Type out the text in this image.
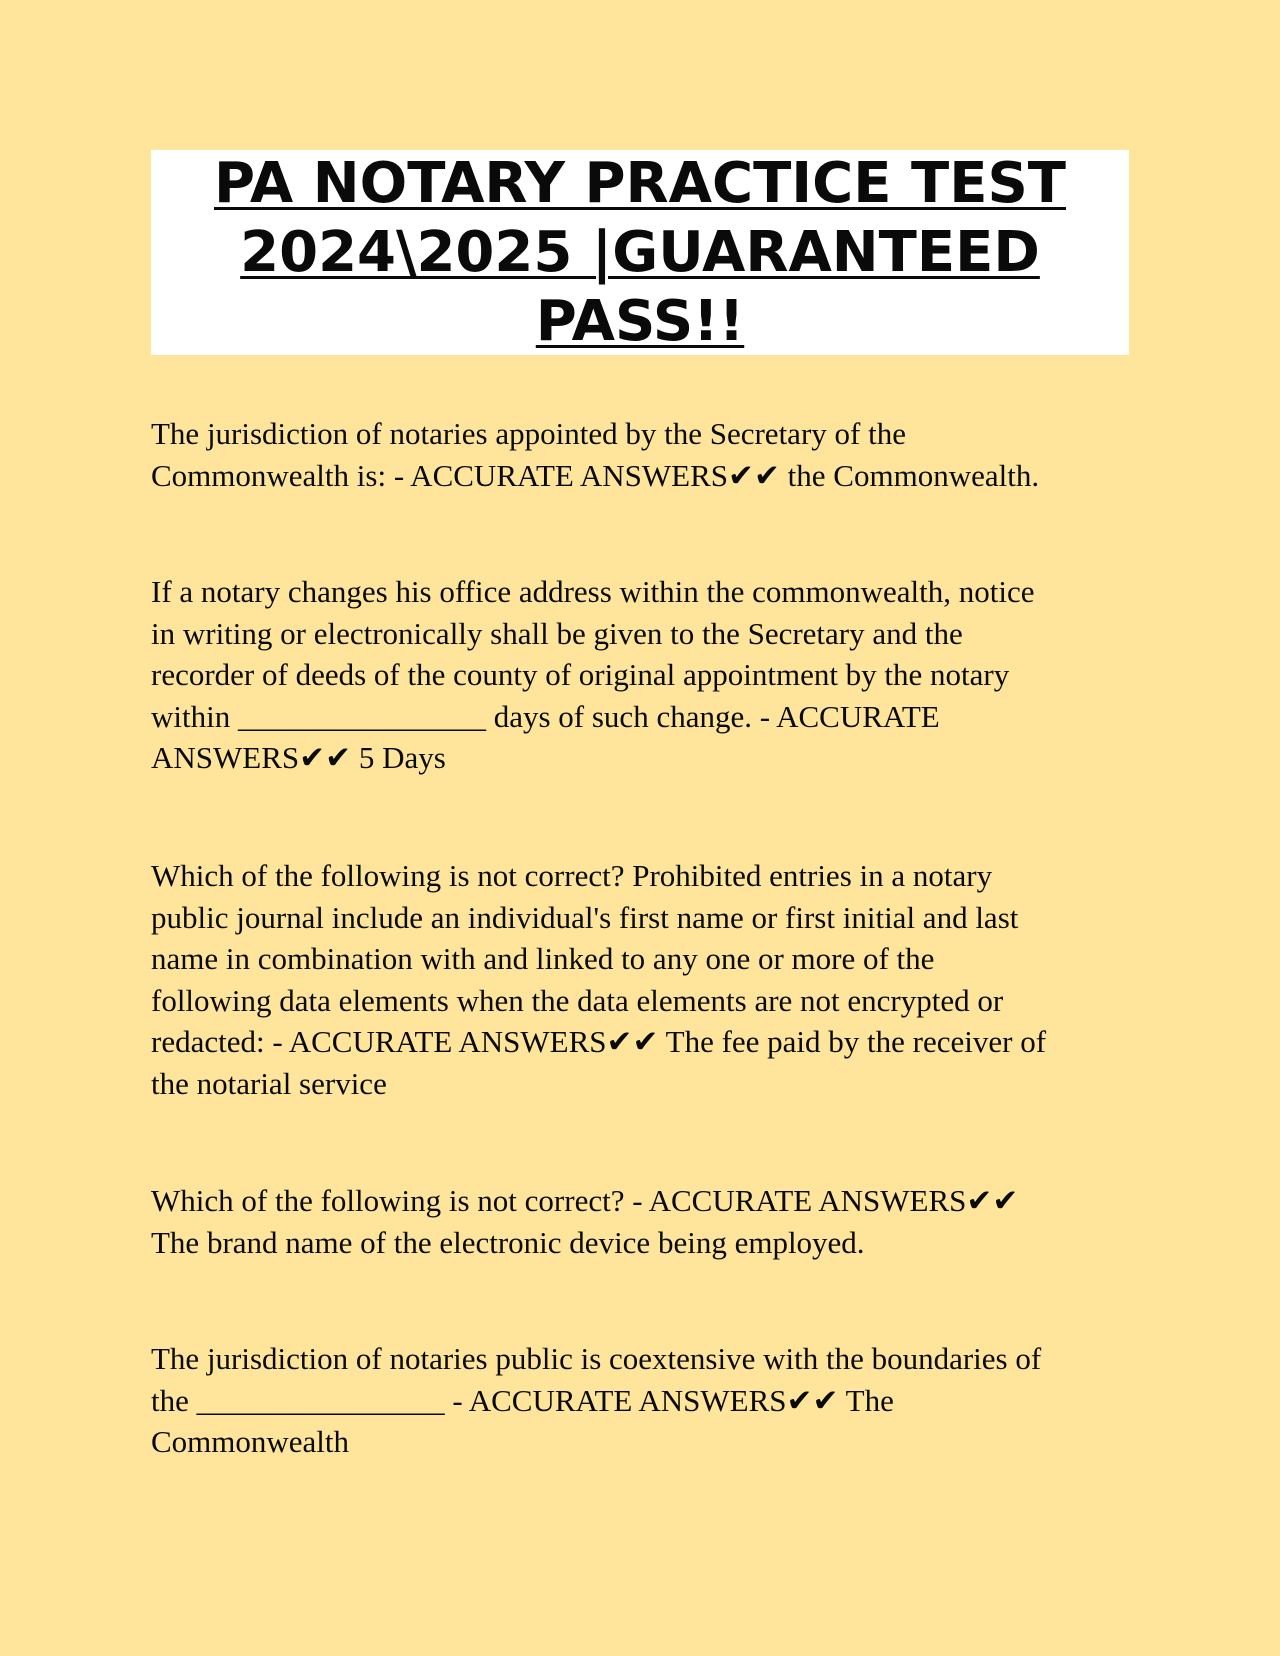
PA NOTARY PRACTICE TEST
2024\2025 |GUARANTEED
PASS!!

The jurisdiction of notaries appointed by the Secretary of the
Commonwealth is: - ACCURATE ANSWERS✔✔ the Commonwealth.

If a notary changes his office address within the commonwealth, notice
in writing or electronically shall be given to the Secretary and the
recorder of deeds of the county of original appointment by the notary
within ________________ days of such change. - ACCURATE
ANSWERS✔✔ 5 Days

Which of the following is not correct? Prohibited entries in a notary
public journal include an individual's first name or first initial and last
name in combination with and linked to any one or more of the
following data elements when the data elements are not encrypted or
redacted: - ACCURATE ANSWERS✔✔ The fee paid by the receiver of
the notarial service

Which of the following is not correct? - ACCURATE ANSWERS✔✔
The brand name of the electronic device being employed.

The jurisdiction of notaries public is coextensive with the boundaries of
the ________________ - ACCURATE ANSWERS✔✔ The
Commonwealth
